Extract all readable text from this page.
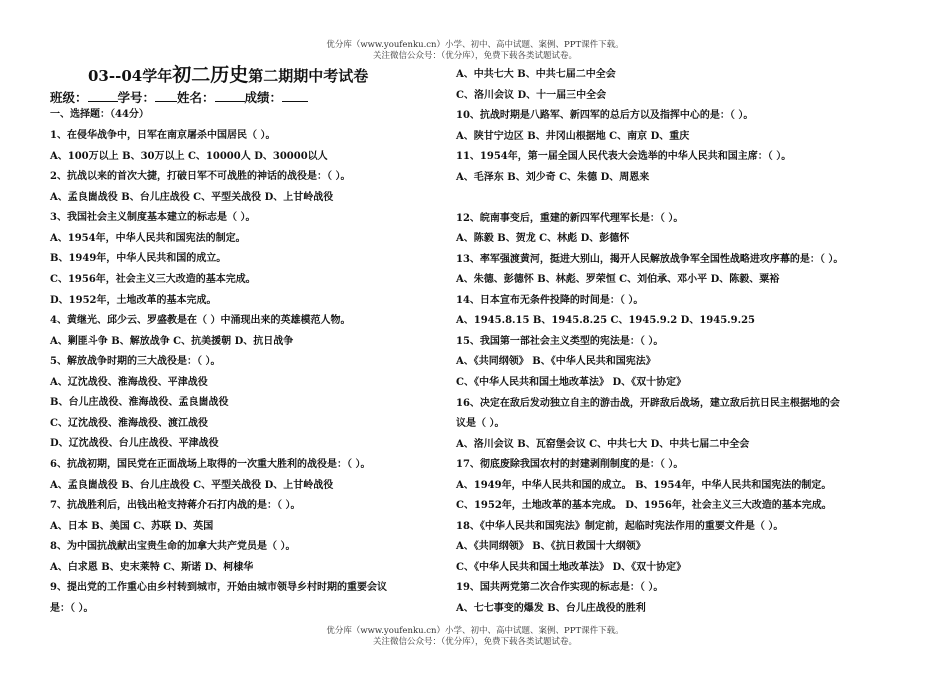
优分库（www.youfenku.cn）小学、初中、高中试题、案例、PPT课件下载。
关注微信公众号：（优分库），免费下载各类试题试卷。
03--04学年初二历史第二期期中考试卷
班级： 学号： 姓名： 成绩：
一、选择题：（44分）
1、在侵华战争中，日军在南京屠杀中国居民（ ）。
A、100万以上 B、30万以上 C、10000人 D、30000以人
2、抗战以来的首次大捷，打破日军不可战胜的神话的战役是：（ ）。
A、孟良崮战役 B、台儿庄战役 C、平型关战役 D、上甘岭战役
3、我国社会主义制度基本建立的标志是（ ）。
A、1954年，中华人民共和国宪法的制定。
B、1949年，中华人民共和国的成立。
C、1956年，社会主义三大改造的基本完成。
D、1952年，土地改革的基本完成。
4、黄继光、邱少云、罗盛教是在（ ）中涌现出来的英雄模范人物。
A、剿匪斗争 B、解放战争 C、抗美援朝 D、抗日战争
5、解放战争时期的三大战役是：（ ）。
A、辽沈战役、淮海战役、平津战役
B、台儿庄战役、淮海战役、孟良崮战役
C、辽沈战役、淮海战役、渡江战役
D、辽沈战役、台儿庄战役、平津战役
6、抗战初期，国民党在正面战场上取得的一次重大胜利的战役是：（ ）。
A、孟良崮战役 B、台儿庄战役 C、平型关战役 D、上甘岭战役
7、抗战胜利后，出钱出枪支持蒋介石打内战的是：（ ）。
A、日本 B、美国 C、苏联 D、英国
8、为中国抗战献出宝贵生命的加拿大共产党员是（ ）。
A、白求恩 B、史末莱特 C、斯诺 D、柯棣华
9、提出党的工作重心由乡村转到城市，开始由城市领导乡村时期的重要会议
是：（ ）。
A、中共七大 B、中共七届二中全会
C、洛川会议 D、十一届三中全会
10、抗战时期是八路军、新四军的总后方以及指挥中心的是：（ ）。
A、陕甘宁边区 B、井冈山根据地 C、南京 D、重庆
11、1954年，第一届全国人民代表大会选举的中华人民共和国主席：（ ）。
A、毛泽东 B、刘少奇 C、朱德 D、周恩来
12、皖南事变后，重建的新四军代理军长是：（ ）。
A、陈毅 B、贺龙 C、林彪 D、彭德怀
13、率军强渡黄河，挺进大别山，揭开人民解放战争军全国性战略进攻序幕的是：（ ）。
A、朱德、彭德怀 B、林彪、罗荣恒 C、刘伯承、邓小平 D、陈毅、粟裕
14、日本宣布无条件投降的时间是：（ ）。
A、1945.8.15 B、1945.8.25 C、1945.9.2 D、1945.9.25
15、我国第一部社会主义类型的宪法是：（ ）。
A、《共同纲领》 B、《中华人民共和国宪法》
C、《中华人民共和国土地改革法》 D、《双十协定》
16、决定在敌后发动独立自主的游击战，开辟敌后战场，建立敌后抗日民主根据地的会
议是（ ）。
A、洛川会议 B、瓦窑堡会议 C、中共七大 D、中共七届二中全会
17、彻底废除我国农村的封建剥削制度的是：（ ）。
A、1949年，中华人民共和国的成立。 B、1954年，中华人民共和国宪法的制定。
C、1952年，土地改革的基本完成。 D、1956年，社会主义三大改造的基本完成。
18、《中华人民共和国宪法》制定前，起临时宪法作用的重要文件是（ ）。
A、《共同纲领》 B、《抗日救国十大纲领》
C、《中华人民共和国土地改革法》 D、《双十协定》
19、国共两党第二次合作实现的标志是：（ ）。
A、七七事变的爆发 B、台儿庄战役的胜利
优分库（www.youfenku.cn）小学、初中、高中试题、案例、PPT课件下载。
关注微信公众号：（优分库），免费下载各类试题试卷。
